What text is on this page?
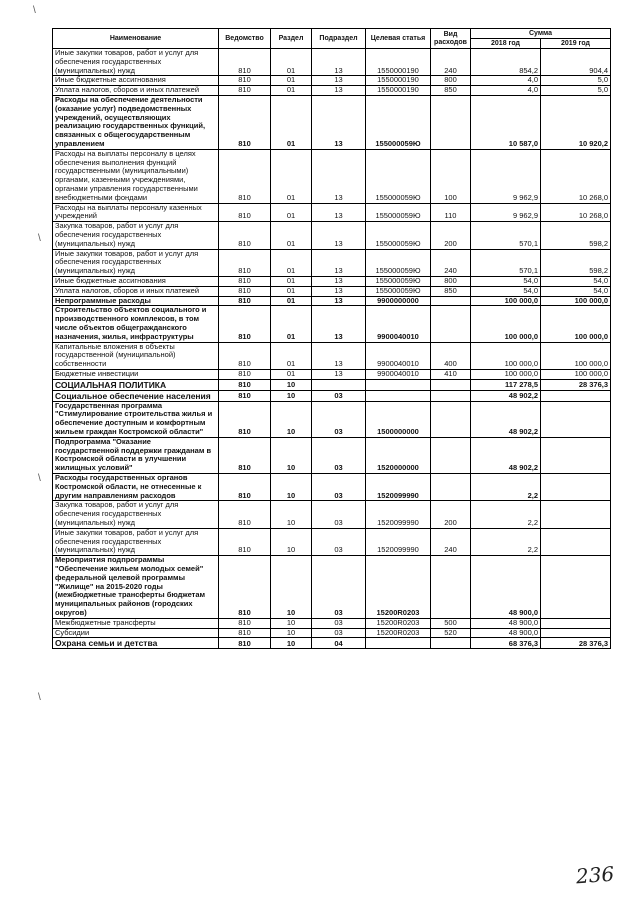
\
\
\
\
Наименование	Ведомство	Раздел	Подраздел	Целевая статья	Вид расходов	Сумма	
						2018 год	2019 год
Иные закупки товаров, работ и услуг для обеспечения государственных (муниципальных) нужд	810	01	13	1550000190	240	854,2	904,4
Иные бюджетные ассигнования	810	01	13	1550000190	800	4,0	5,0
Уплата налогов, сборов и иных платежей	810	01	13	1550000190	850	4,0	5,0
Расходы на обеспечение деятельности (оказание услуг) подведомственных учреждений, осуществляющих реализацию государственных функций, связанных с общегосударственным управлением	810	01	13	155000059Ю		10 587,0	10 920,2
Расходы на выплаты персоналу в целях обеспечения выполнения функций государственными (муниципальными) органами, казенными учреждениями, органами управления государственными внебюджетными фондами	810	01	13	155000059Ю	100	9 962,9	10 268,0
Расходы на выплаты персоналу казенных учреждений	810	01	13	155000059Ю	110	9 962,9	10 268,0
Закупка товаров, работ и услуг для обеспечения государственных (муниципальных) нужд	810	01	13	155000059Ю	200	570,1	598,2
Иные закупки товаров, работ и услуг для обеспечения государственных (муниципальных) нужд	810	01	13	155000059Ю	240	570,1	598,2
Иные бюджетные ассигнования	810	01	13	155000059Ю	800	54,0	54,0
Уплата налогов, сборов и иных платежей	810	01	13	155000059Ю	850	54,0	54,0
Непрограммные расходы	810	01	13	9900000000		100 000,0	100 000,0
Строительство объектов социального и производственного комплексов, в том числе объектов общегражданского назначения, жилья, инфраструктуры	810	01	13	9900040010		100 000,0	100 000,0
Капитальные вложения в объекты государственной (муниципальной) собственности	810	01	13	9900040010	400	100 000,0	100 000,0
Бюджетные инвестиции	810	01	13	9900040010	410	100 000,0	100 000,0
СОЦИАЛЬНАЯ ПОЛИТИКА	810	10				117 278,5	28 376,3
Социальное обеспечение населения	810	10	03			48 902,2	
Государственная программа "Стимулирование строительства жилья и обеспечение доступным и комфортным жильем граждан Костромской области"	810	10	03	1500000000		48 902,2	
Подпрограмма "Оказание государственной поддержки гражданам в Костромской области в улучшении жилищных условий"	810	10	03	1520000000		48 902,2	
Расходы государственных органов Костромской области, не отнесенные к другим направлениям расходов	810	10	03	1520099990		2,2	
Закупка товаров, работ и услуг для обеспечения государственных (муниципальных) нужд	810	10	03	1520099990	200	2,2	
Иные закупки товаров, работ и услуг для обеспечения государственных (муниципальных) нужд	810	10	03	1520099990	240	2,2	
Мероприятия подпрограммы "Обеспечение жильем молодых семей" федеральной целевой программы "Жилище" на 2015-2020 годы (межбюджетные трансферты бюджетам муниципальных районов (городских округов)	810	10	03	15200R0203		48 900,0	
Межбюджетные трансферты	810	10	03	15200R0203	500	48 900,0	
Субсидии	810	10	03	15200R0203	520	48 900,0	
Охрана семьи и детства	810	10	04			68 376,3	28 376,3
236
